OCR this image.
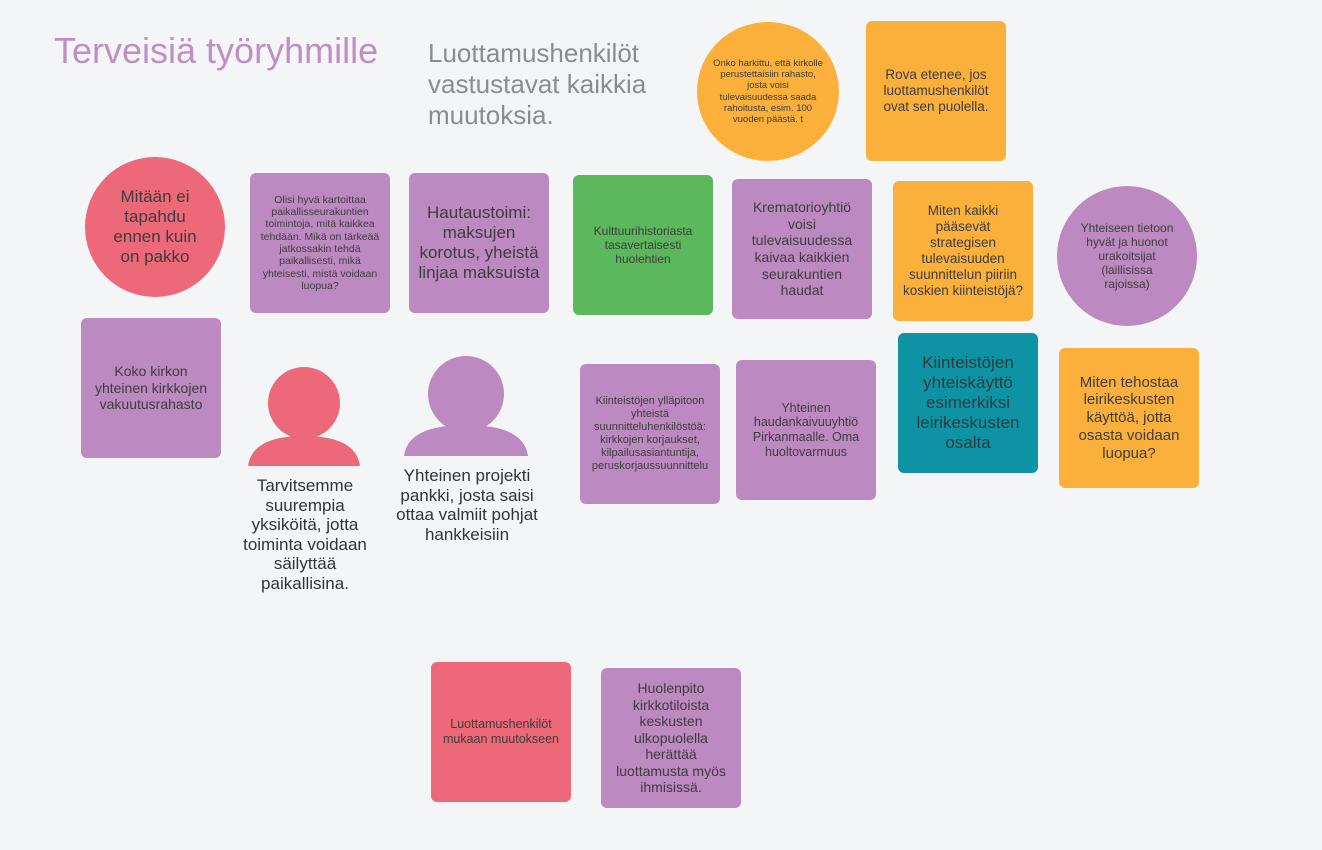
Terveisiä työryhmille Luottamushenkilöt vastustavat kaikkia muutoksia.
Onko harkittu, että kirkolle perustettaisiin rahasto, josta voisi tulevaisuudessa saada rahoitusta, esim. 100 vuoden päästä. t
Rova etenee, jos luottamushenkilöt ovat sen puolella.
Mitään ei tapahdu ennen kuin on pakko
Olisi hyvä kartoittaa paikallisseurakuntien toimintoja, mitä kaikkea tehdään. Mikä on tärkeää jatkossakin tehdä paikallisesti, mikä yhteisesti, mistä voidaan luopua?
Hautaustoimi: maksujen korotus, yheistä linjaa maksuista
Kulttuurihistoriasta tasavertaisesti huolehtien
Krematorioyhtiö voisi tulevaisuudessa kaivaa kaikkien seurakuntien haudat
Miten kaikki pääsevät strategisen tulevaisuuden suunnittelun piiriin koskien kiinteistöjä?
Yhteiseen tietoon hyvät ja huonot urakoitsijat (laillisissa rajoissa)
Koko kirkon yhteinen kirkkojen vakuutusrahasto	Kiinteistöjen ylläpitoon yhteistä suunnitteluhenkilöstöä: kirkkojen korjaukset, kilpailusasiantuntija, peruskorjaussuunnittelu
Yhteinen haudankaivuuyhtiö Pirkanmaalle. Oma huoltovarmuus
Kiinteistöjen yhteiskäyttö esimerkiksi leirikeskusten osalta
Miten tehostaa leirikeskusten käyttöä, jotta osasta voidaan luopua?
Tarvitsemme suurempia yksiköitä, jotta toiminta voidaan säilyttää paikallisina.
Yhteinen projekti pankki, josta saisi ottaa valmiit pohjat hankkeisiin
Luottamushenkilöt mukaan muutokseen
Huolenpito kirkkotiloista keskusten ulkopuolella herättää luottamusta myös ihmisissä.
